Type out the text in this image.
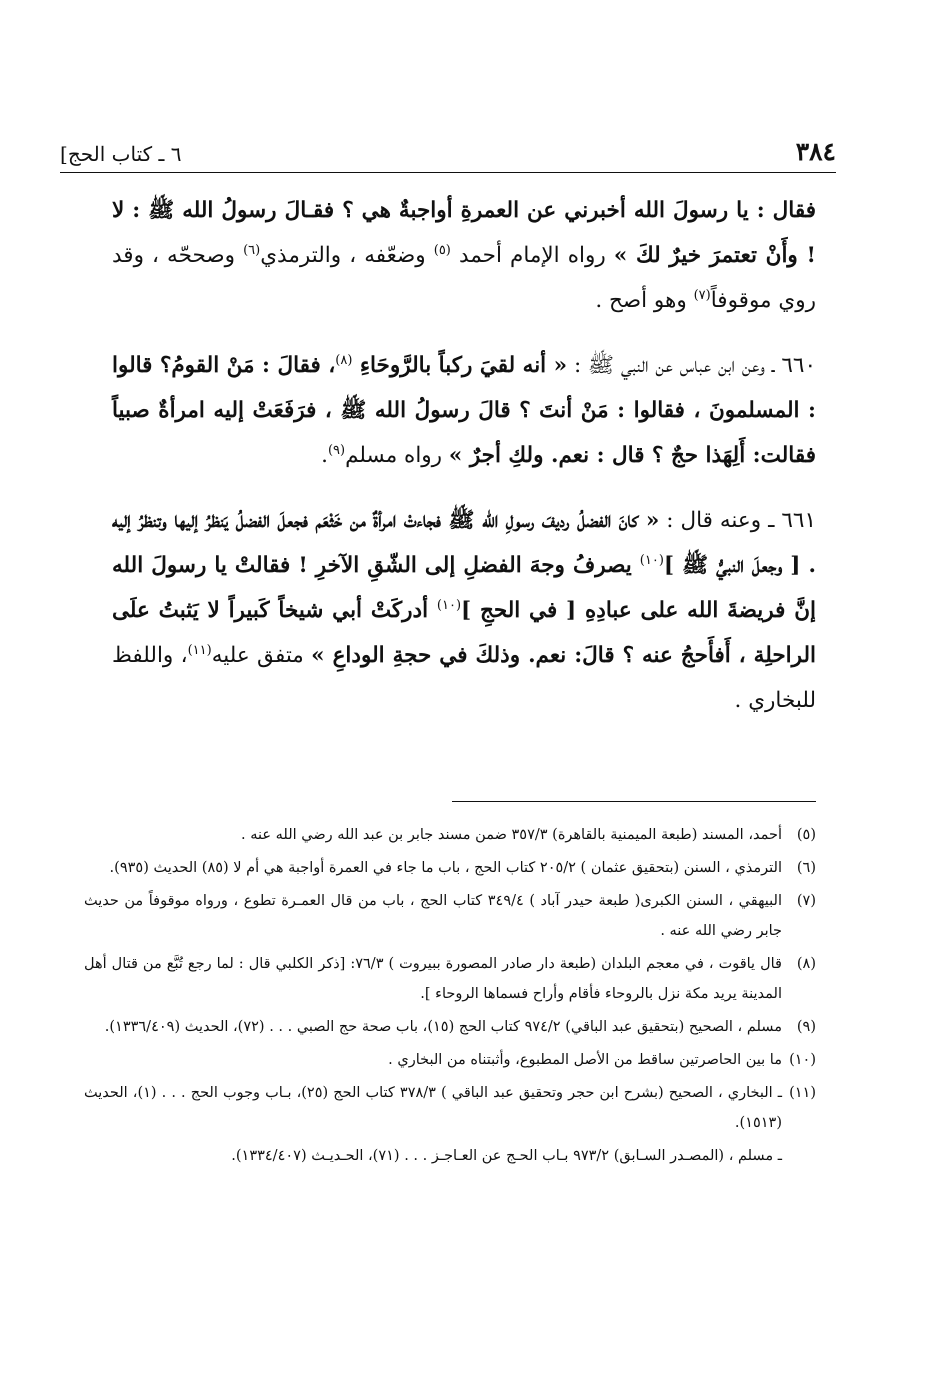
[٦ ـ كتاب الحج	٣٨٤

فقال : يا رسولَ الله أخبرني عن العمرةِ أواجبةٌ هي ؟ فقـالَ رسولُ الله ﷺ : لا ! وأَنْ تعتمرَ خيرٌ لكَ » رواه الإمام أحمد $^{(٥)}$ وضعّفه ، والترمذي$^{(٦)}$ وصححّه ، وقد روي موقوفاً$^{(٧)}$ وهو أصح .

٦٦٠ ـ وعن ابن عباس عن النبي ﷺ : « أنه لقيَ ركباً بالرَّوحَاءِ $^{(٨)}$، فقالَ : مَنْ القومُ؟ قالوا : المسلمونَ ، فقالوا : مَنْ أنتَ ؟ قالَ رسولُ الله ﷺ ، فرَفَعَتْ إليه امرأةٌ صبياً فقالت: أَلِهَذا حجٌ ؟ قال : نعم. ولكِ أجرٌ » رواه مسلم$^{(٩)}$.

٦٦١ ـ وعنه قال : « كانَ الفضلُ رديفَ رسولِ الله ﷺ فجاءتْ امرأةٌ من خَثْعَم فجعلَ الفضلُ يَنظرُ إليها وتنظرُ إليه . [ وجعلَ النبيُّ ﷺ ]$^{(١٠)}$ يصرفُ وجهَ الفضلِ إلى الشّقِ الآخرِ ! فقالتْ يا رسولَ الله إنَّ فريضةَ الله على عبادِهِ [ في الحجِ ]$^{(١٠)}$ أدركَتْ أبي شيخاً كَبيراً لا يَثبتُ علَى الراحلِة ، أَفأَحجُ عنه ؟ قالَ: نعم. وذلكَ في حجةِ الوداعِ » متفق عليه$^{(١١)}$، واللفظ للبخاري .

(٥)
أحمد، المسند (طبعة الميمنية بالقاهرة) ٣٥٧/٣ ضمن مسند جابر بن عبد الله رضي الله عنه .
(٦)
الترمذي ، السنن (بتحقيق عثمان ) ٢٠٥/٢ كتاب الحج ، باب ما جاء في العمرة أواجبة هي أم لا (٨٥) الحديث (٩٣٥).
(٧)
البيهقي ، السنن الكبرى( طبعة حيدر آباد ) ٣٤٩/٤ كتاب الحج ، باب من قال العمـرة تطوع ، ورواه موقوفاً من حديث جابر رضي الله عنه .
(٨)
قال ياقوت ، في معجم البلدان (طبعة دار صادر المصورة ببيروت ) ٧٦/٣: [ذكر الكلبي قال : لما رجع تُبَّع من قتال أهل المدينة يريد مكة نزل بالروحاء فأقام وأراح فسماها الروحاء ].
(٩)
مسلم ، الصحيح (بتحقيق عبد الباقي) ٩٧٤/٢ كتاب الحج (١٥)، باب صحة حج الصبي . . . (٧٢)، الحديث (١٣٣٦/٤٠٩).
(١٠)
ما بين الحاصرتين ساقط من الأصل المطبوع، وأثبتناه من البخاري .
(١١)
ـ البخاري ، الصحيح (بشرح ابن حجر وتحقيق عبد الباقي ) ٣٧٨/٣ كتاب الحج (٢٥)، بـاب وجوب الحج . . . (١)، الحديث (١٥١٣).
ـ مسلم ، (المصـدر السـابق) ٩٧٣/٢ بـاب الحـج عن العـاجـز . . . (٧١)، الحـديـث (١٣٣٤/٤٠٧).
